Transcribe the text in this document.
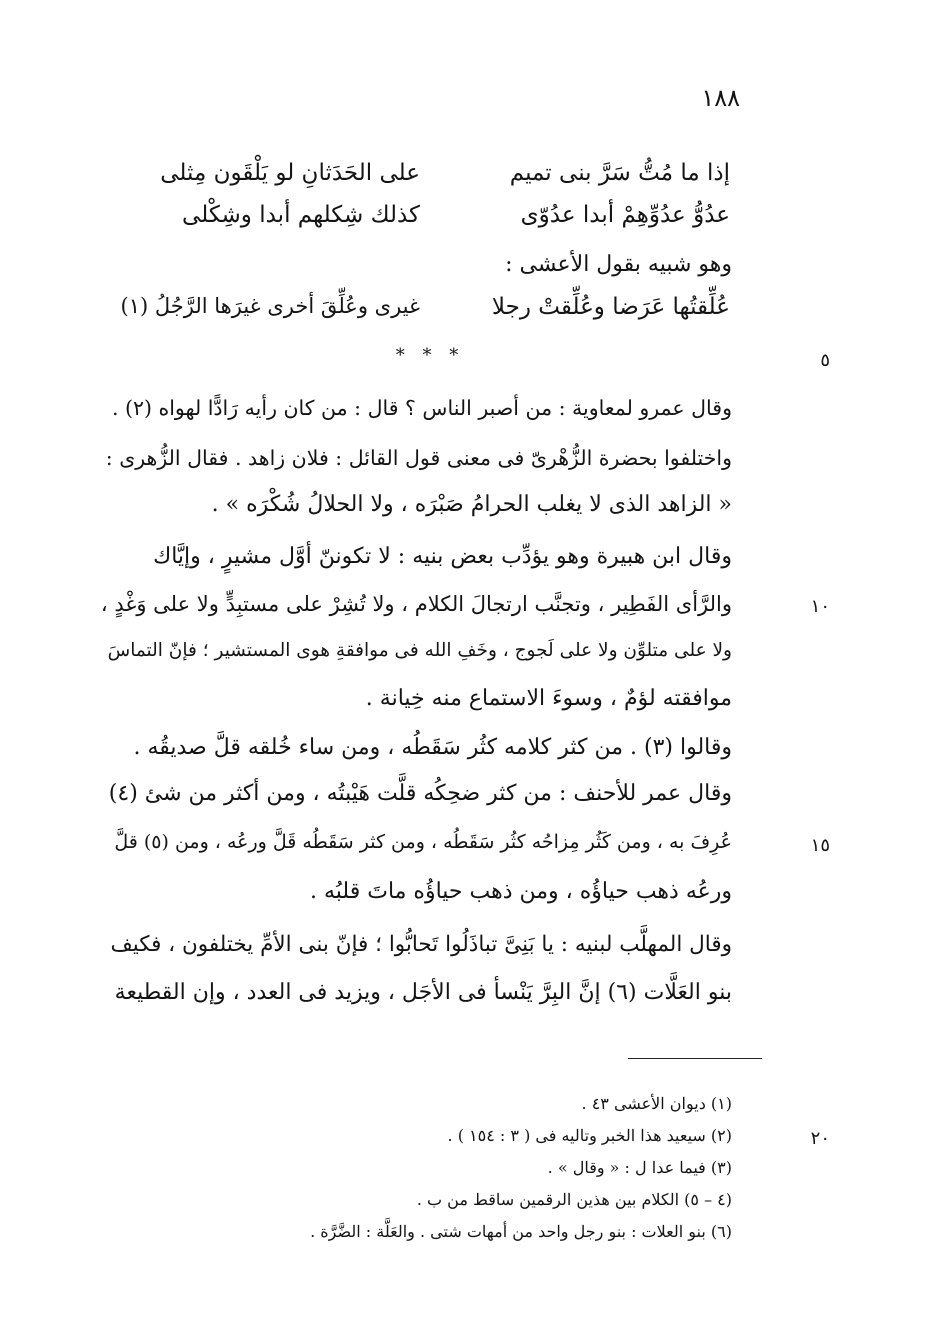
١٨٨
إذا ما مُتُّ سَرَّ بنى تميم
على الحَدَثانِ لو يَلْقَون مِثلى
عدُوُّ عدُوِّهِمْ أبدا عدُوّى
كذلك شِكلهم أبدا وشِكْلى
وهو شبيه بقول الأعشى :
عُلِّقتُها عَرَضا وعُلِّقتْ رجلا
غيرى وعُلِّقَ أخرى غيرَها الرَّجُلُ (١)
* * *	٥
وقال عمرو لمعاوية : من أصبر الناس ؟ قال : من كان رأيه رَادًّا لهواه (٢) .
واختلفوا بحضرة الزُّهْرىّ فى معنى قول القائل : فلان زاهد . فقال الزُّهرى :
« الزاهد الذى لا يغلب الحرامُ صَبْرَه ، ولا الحلالُ شُكْرَه » .
وقال ابن هبيرة وهو يؤدِّب بعض بنيه : لا تكوننّ أوَّل مشيرٍ ، وإيَّاك
والرَّأى الفَطِير ، وتجنَّب ارتجالَ الكلام ، ولا تُشِرْ على مستبِدٍّ ولا على وَغْدٍ ،	١٠
ولا على متلوِّن ولا على لَجوج ، وخَفِ الله فى موافقةِ هوى المستشير ؛ فإنّ التماسَ
موافقته لؤمٌ ، وسوءَ الاستماع منه خِيانة .
وقالوا (٣) . من كثر كلامه كثُر سَقَطُه ، ومن ساء خُلقه قلَّ صديقُه .
وقال عمر للأحنف : من كثر ضحِكُه قلَّت هَيْبتُه ، ومن أكثر من شئ (٤)
عُرِفَ به ، ومن كَثُر مِزاحُه كثُر سَقَطُه ، ومن كثر سَقَطُه قَلَّ ورعُه ، ومن (٥) قلَّ	١٥
ورعُه ذهب حياؤُه ، ومن ذهب حياؤُه ماتَ قلبُه .
وقال المهلَّب لبنيه : يا بَنِىَّ تباذَلُوا تَحابُّوا ؛ فإنّ بنى الأمِّ يختلفون ، فكيف
بنو العَلَّات (٦) إنَّ البِرَّ يَنْسأ فى الأجَل ، ويزيد فى العدد ، وإن القطيعة
(١) ديوان الأعشى ٤٣ .
(٢) سيعيد هذا الخبر وتاليه فى ( ٣ : ١٥٤ ) .	٢٠
(٣) فيما عدا ل : « وقال » .
(٤ – ٥) الكلام بين هذين الرقمين ساقط من ب .
(٦) بنو العلات : بنو رجل واحد من أمهات شتى . والعَلَّة : الضَّرَّة .
